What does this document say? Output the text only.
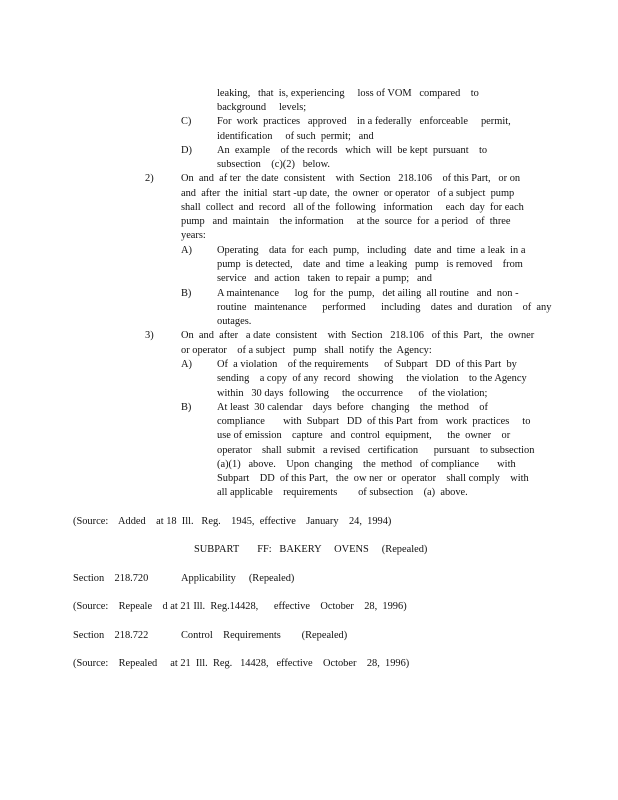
leaking,   that  is, experiencing     loss of VOM   compared    to
background     levels;
C) For  work  practices   approved    in a federally   enforceable     permit,
identification     of such  permit;   and
D) An  example    of the records   which  will  be kept  pursuant    to
subsection    (c)(2)   below.
2)	On  and  af ter  the date  consistent    with  Section   218.106    of this Part,   or on
and  after  the  initial  start -up date,  the  owner  or operator   of a subject  pump
shall  collect  and  record   all of the  following   information     each  day  for each
pump   and  maintain    the information     at the  source  for  a period   of  three
years:
A) Operating    data  for  each  pump,   including   date  and  time  a leak  in a
pump  is detected,    date  and  time  a leaking   pump   is removed    from
service   and  action   taken  to repair  a pump;   and
B) A maintenance      log  for  the  pump,   det ailing  all routine   and  non -
routine   maintenance      performed      including    dates  and  duration    of  any
outages.
3)	On  and  after   a date  consistent    with  Section   218.106   of this  Part,   the  owner
or operator    of a subject   pump   shall  notify  the  Agency:
A) Of  a violation    of the requirements      of Subpart   DD  of this Part  by
sending    a copy  of any  record   showing     the violation    to the Agency
within   30 days  following     the occurrence      of  the violation;
B) At least  30 calendar    days  before   changing    the  method    of
compliance       with  Subpart   DD  of this Part  from   work  practices     to
use of emission    capture   and  control  equipment,      the  owner    or
operator    shall  submit   a revised   certification      pursuant    to subsection
(a)(1)   above.    Upon  changing    the  method   of compliance       with
Subpart    DD  of this Part,   the  ow ner  or  operator    shall comply    with
all applicable    requirements        of subsection    (a)  above.
(Source:    Added    at 18  Ill.   Reg.    1945,  effective    January    24,  1994)
SUBPART       FF:   BAKERY     OVENS     (Repealed)
Section    218.720	Applicability     (Repealed)
(Source:    Repeale    d at 21 Ill.  Reg.14428,      effective    October    28,  1996)
Section    218.722	Control    Requirements        (Repealed)
(Source:    Repealed     at 21  Ill.  Reg.   14428,   effective    October    28,  1996)
